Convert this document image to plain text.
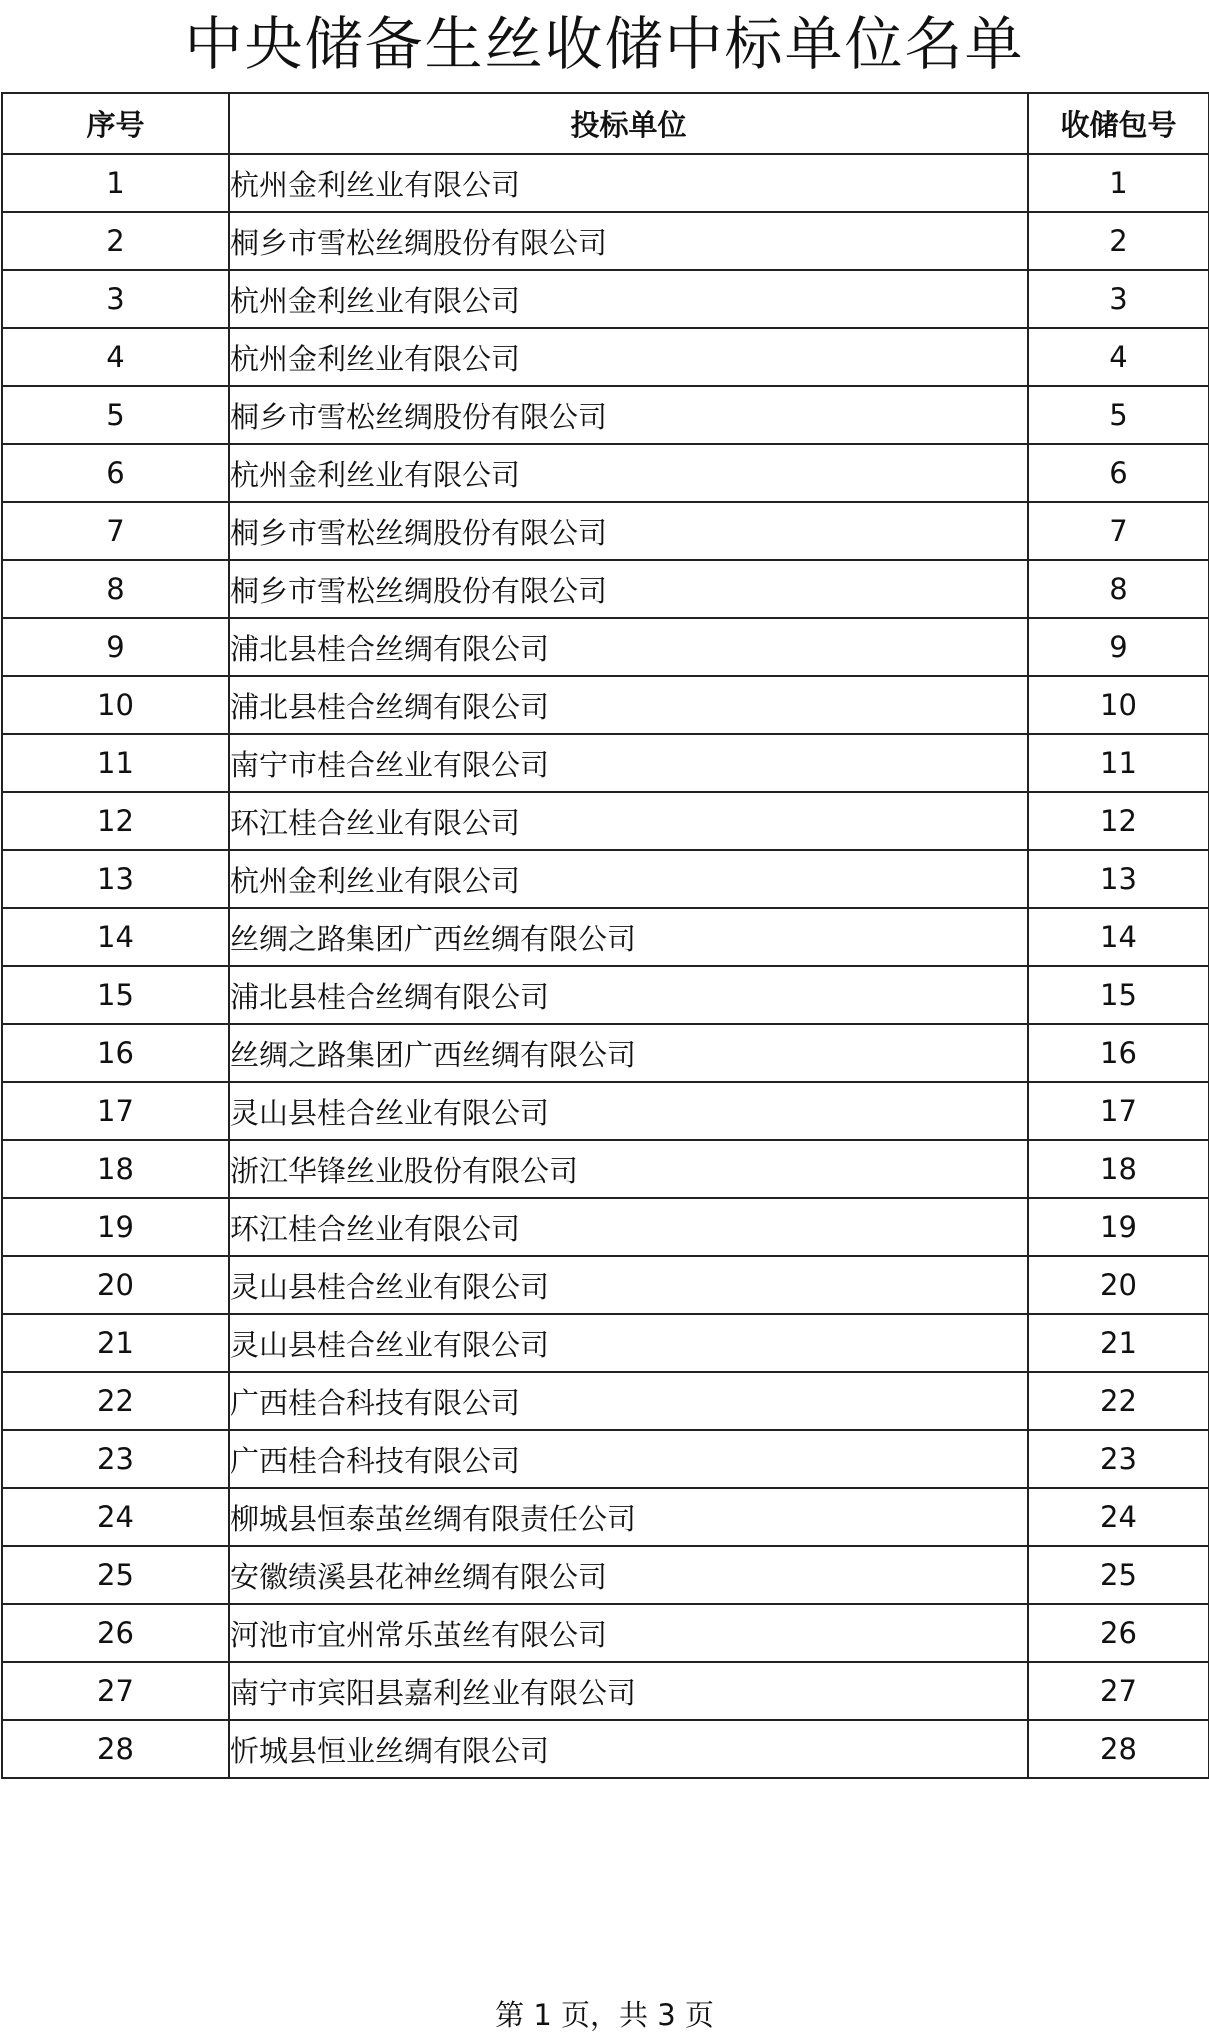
中央储备生丝收储中标单位名单
序号	投标单位	收储包号
1	杭州金利丝业有限公司	1
2	桐乡市雪松丝绸股份有限公司	2
3	杭州金利丝业有限公司	3
4	杭州金利丝业有限公司	4
5	桐乡市雪松丝绸股份有限公司	5
6	杭州金利丝业有限公司	6
7	桐乡市雪松丝绸股份有限公司	7
8	桐乡市雪松丝绸股份有限公司	8
9	浦北县桂合丝绸有限公司	9
10	浦北县桂合丝绸有限公司	10
11	南宁市桂合丝业有限公司	11
12	环江桂合丝业有限公司	12
13	杭州金利丝业有限公司	13
14	丝绸之路集团广西丝绸有限公司	14
15	浦北县桂合丝绸有限公司	15
16	丝绸之路集团广西丝绸有限公司	16
17	灵山县桂合丝业有限公司	17
18	浙江华锋丝业股份有限公司	18
19	环江桂合丝业有限公司	19
20	灵山县桂合丝业有限公司	20
21	灵山县桂合丝业有限公司	21
22	广西桂合科技有限公司	22
23	广西桂合科技有限公司	23
24	柳城县恒泰茧丝绸有限责任公司	24
25	安徽绩溪县花神丝绸有限公司	25
26	河池市宜州常乐茧丝有限公司	26
27	南宁市宾阳县嘉利丝业有限公司	27
28	忻城县恒业丝绸有限公司	28
第 1 页，共 3 页
